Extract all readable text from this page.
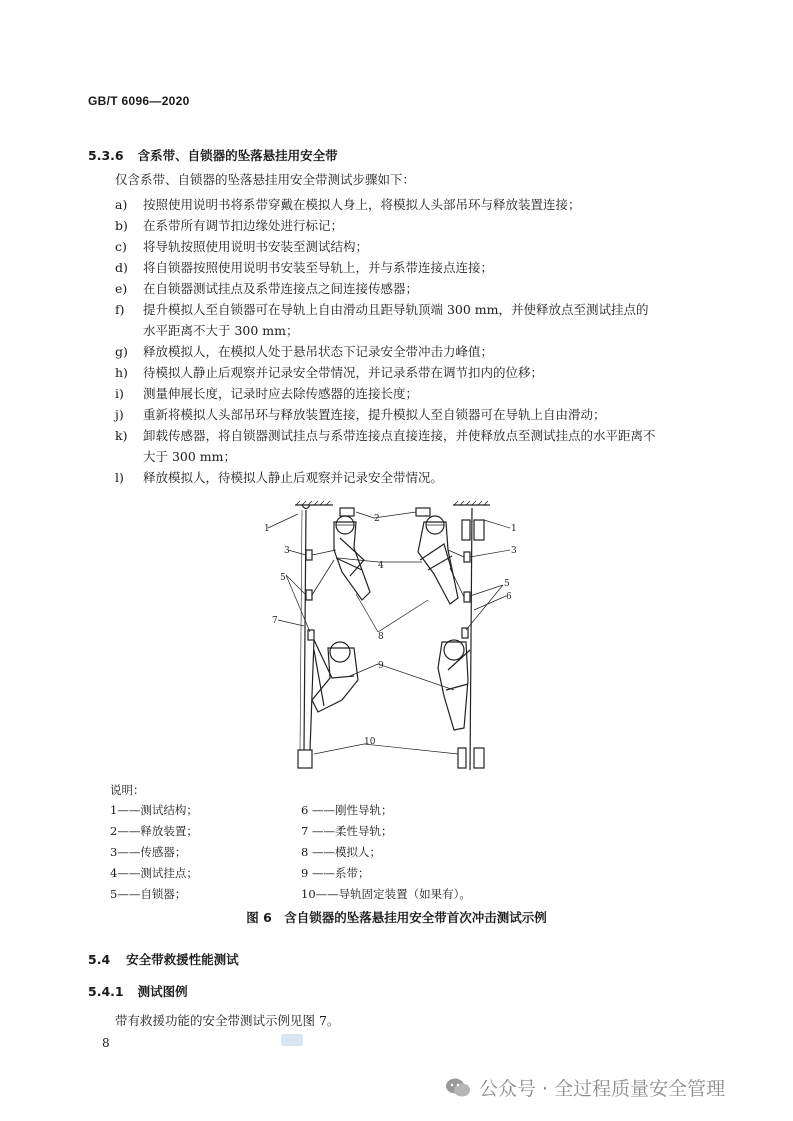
GB/T 6096—2020
5.3.6 含系带、自锁器的坠落悬挂用安全带
仅含系带、自锁器的坠落悬挂用安全带测试步骤如下：
a) 按照使用说明书将系带穿戴在模拟人身上，将模拟人头部吊环与释放装置连接；
b) 在系带所有调节扣边缘处进行标记；
c) 将导轨按照使用说明书安装至测试结构；
d) 将自锁器按照使用说明书安装至导轨上，并与系带连接点连接；
e) 在自锁器测试挂点及系带连接点之间连接传感器；
f) 提升模拟人至自锁器可在导轨上自由滑动且距导轨顶端 300 mm，并使释放点至测试挂点的
水平距离不大于 300 mm；
g) 释放模拟人，在模拟人处于悬吊状态下记录安全带冲击力峰值；
h) 待模拟人静止后观察并记录安全带情况，并记录系带在调节扣内的位移；
i) 测量伸展长度，记录时应去除传感器的连接长度；
j) 重新将模拟人头部吊环与释放装置连接，提升模拟人至自锁器可在导轨上自由滑动；
k) 卸载传感器，将自锁器测试挂点与系带连接点直接连接，并使释放点至测试挂点的水平距离不
大于 300 mm；
l) 释放模拟人，待模拟人静止后观察并记录安全带情况。
1
2
1
3	3
4
5
5
6
7
8
9
10
说明：
1——测试结构；
2——释放装置；
3——传感器；
4——测试挂点；
5——自锁器；
6 ——刚性导轨；
7 ——柔性导轨；
8 ——模拟人；
9 ——系带；
10——导轨固定装置（如果有）。
图 6　含自锁器的坠落悬挂用安全带首次冲击测试示例
5.4 安全带救援性能测试
5.4.1 测试图例
带有救援功能的安全带测试示例见图 7。
8
公众号 · 全过程质量安全管理
